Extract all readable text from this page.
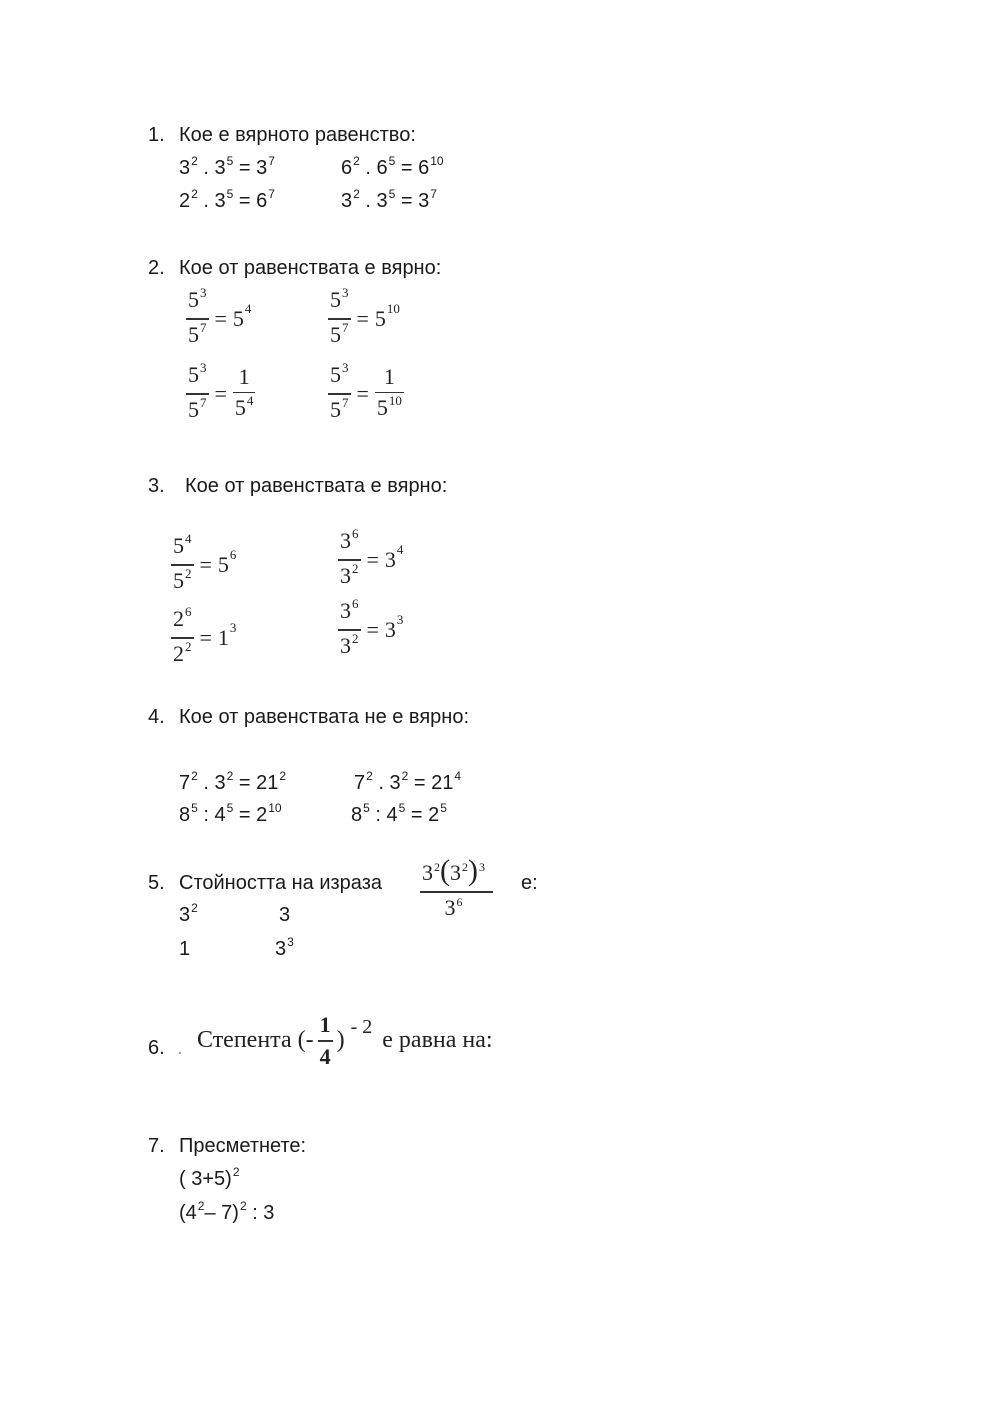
1. Кое е вярното равенство:
$3^2$ . $3^5 = 3^7$	$6^2$ . $6^5 = 6^{10}$
$2^2$ . $3^5 = 6^7$	$3^2$ . $3^5 = 3^7$
2. Кое от равенствата е вярно:
$\frac{5^3}{5^7} = 5^4$	$\frac{5^3}{5^7} = 5^{10}$
$\frac{5^3}{5^7} = \frac{1}{5^4}$	$\frac{5^3}{5^7} = \frac{1}{5^{10}}$
3. Кое от равенствата е вярно:
$\frac{5^4}{5^2} = 5^6$	$\frac{3^6}{3^2} = 3^4$
$\frac{2^6}{2^2} = 1^3$	$\frac{3^6}{3^2} = 3^3$
4. Кое от равенствата не е вярно:
$7^2$ . $3^2 = 21^2$	$7^2$ . $3^2 = 21^4$
$8^5$ : $4^5 = 2^{10}$	$8^5$ : $4^5 = 2^5$
5. Стойността на израза $\frac{3^2(3^2)^3}{3^6} е$:
$3^2$	3
1	$3^3$
6. . Степента (- $\frac{1}{4}$ ) - 2 е равна на:
7. Пресметнете:
( 3+5)$^2$
($4^2-$ 7)$^2$ : 3
